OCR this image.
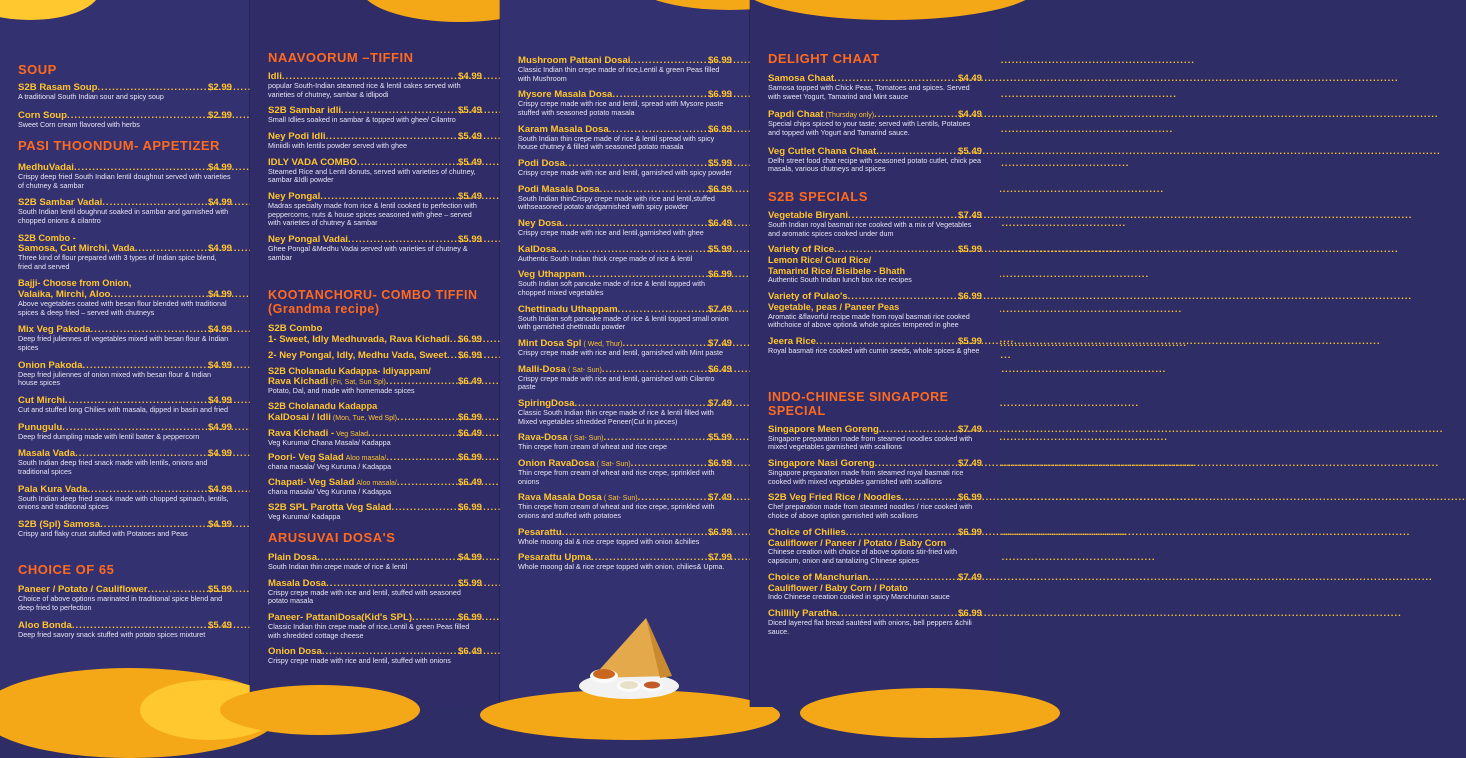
SOUP

S2B Rasam Soup .....	$2.99
A traditional South Indian sour and spicy soup
Corn Soup .....	$2.99
Sweet Corn cream flavored with herbs

PASI THOONDUM- APPETIZER

MedhuVadai .....	$4.99
Crispy deep fried South Indian lentil doughnut served with varieties of chutney & sambar
S2B Sambar Vadai .....	$4.99
South Indian lentil doughnut soaked in sambar and garnished with chopped onions & cilantro
S2B Combo -
Samosa, Cut Mirchi, Vada .....	$4.99
Three kind of flour prepared with 3 types of Indian spice blend, fried and served
Bajji- Choose from Onion,
Valaika, Mirchi, Aloo .....	$4.99
Above vegetables coated with besan flour blended with traditional spices & deep fried – served with chutneys
Mix Veg Pakoda .....	$4.99
Deep fried juliennes of vegetables mixed with besan flour & Indian spices
Onion Pakoda .....	$4.99
Deep fried juliennes of onion mixed with besan flour & Indian house spices
Cut Mirchi .....	$4.99
Cut and stuffed long Chilies with masala, dipped in basin and fried
Punugulu .....	$4.99
Deep fried dumpling made with lentil batter & peppercorn
Masala Vada .....	$4.99
South Indian deep fried snack made with lentils, onions and traditional spices
Pala Kura Vada .....	$4.99
South Indian deep fried snack made with chopped spinach, lentils, onions and traditional spices
S2B (Spl) Samosa .....	$4.99
Crispy and flaky crust stuffed with Potatoes and Peas

CHOICE OF 65

Paneer / Potato / Cauliflower .....	$5.99
Choice of above options marinated in traditional spice blend and deep fried to perfection
Aloo Bonda .....	$5.49
Deep fried savory snack stuffed with potato spices mixturet

NAAVOORUM –TIFFIN

Idli .....	$4.99
popular South-Indian steamed rice & lentil cakes served with varieties of chutney, sambar & idlipodi
S2B Sambar idli .....	$5.49
Small Idlies soaked in sambar & topped with ghee/ Cilantro
Ney Podi Idli .....	$5.49
Miniidli with lentils powder served with ghee
IDLY VADA COMBO .....	$5.49
Steamed Rice and Lentil donuts, served with varieties of chutney, sambar &Idli powder
Ney Pongal .....	$5.49
Madras specialty made from rice & lentil cooked to perfection with peppercorns, nuts & house spices seasoned with ghee – served with varieties of chutney & sambar
Ney Pongal Vadai .....	$5.99
Ghee Pongal &Medhu Vadai served with varieties of chutney & sambar

KOOTANCHORU- COMBO TIFFIN (Grandma recipe)

S2B Combo
1- Sweet, Idly Medhuvada, Rava Kichadi ..... $6.99
2- Ney Pongal, Idly, Medhu Vada, Sweet ..... $6.99
S2B Cholanadu Kadappa- Idiyappam/
Rava Kichadi (Fri, Sat, Sun Spl) .....	$6.49
Potato, Dal, and made with homemade spices
S2B Cholanadu Kadappa
KalDosai / Idli (Mon, Tue, Wed Spl) .....	$6.99
Rava Kichadi - Veg Salad .....	$6.49
Veg Kuruma/ Chana Masala/ Kadappa
Poori- Veg Salad Aloo masala/ .....	$6.99
chana masala/ Veg Kuruma / Kadappa
Chapati- Veg Salad Aloo masala/ .....	$6.49
chana masala/ Veg Kuruma / Kadappa
S2B SPL Parotta Veg Salad .....	$6.99
Veg Kuruma/ Kadappa

ARUSUVAI DOSA'S

Plain Dosa .....	$4.99
South Indian thin crepe made of rice & lentil
Masala Dosa .....	$5.99
Crispy crepe made with rice and lentil, stuffed with seasoned potato masala
Paneer- PattaniDosa(Kid's SPL) .....	$6.99
Classic Indian thin crepe made of rice,Lentil & green Peas filled with shredded cottage cheese
Onion Dosa .....	$6.49
Crispy crepe made with rice and lentil, stuffed with onions
Mushroom Pattani Dosai .....	$6.99
Classic Indian thin crepe made of rice,Lentil & green Peas filled with Mushroom
Mysore Masala Dosa .....	$6.99
Crispy crepe made with rice and lentil, spread with Mysore paste stuffed with seasoned potato masala
Karam Masala Dosa .....	$6.99
South Indian thin crepe made of rice & lentil spread with spicy house chutney & filled with seasoned potato masala
Podi Dosa .....	$5.99
Crispy crepe made with rice and lentil, garnished with spicy powder
Podi Masala Dosa .....	$6.99
South Indian thinCrispy crepe made with rice and lentil,stuffed withseasoned potato andgarnished with spicy powder
Ney Dosa .....	$6.49
Crispy crepe made with rice and lentil,garnished with ghee
KalDosa .....	$5.99
Authentic South Indian thick crepe made of rice & lentil
Veg Uthappam .....	$6.99
South Indian soft pancake made of rice & lentil topped with chopped mixed vegetables
Chettinadu Uthappam .....	$7.49
South Indian soft pancake made of rice & lentil topped small onion with garnished chettinadu powder
Mint Dosa Spl ( Wed, Thur) .....	$7.49
Crispy crepe made with rice and lentil, garnished with Mint paste
Malli-Dosa ( Sat- Sun) .....	$6.49
Crispy crepe made with rice and lentil, garnished with Cilantro paste
SpiringDosa .....	$7.49
Classic South Indian thin crepe made of rice & lentil filled with Mixed vegetables shredded Peneer(Cut in pieces)
Rava-Dosa ( Sat- Sun) .....	$5.99
Thin crepe from cream of wheat and rice crepe
Onion RavaDosa ( Sat- Sun) .....	$6.99
Thin crepe from cream of wheat and rice crepe, sprinkled with onions
Rava Masala Dosa ( Sat- Sun) .....	$7.49
Thin crepe from cream of wheat and rice crepe, sprinkled with onions and stuffed with potatoes
Pesarattu .....	$6.99
Whole moong dal & rice crepe topped with onion &chilies
Pesarattu Upma .....	$7.99
Whole moong dal & rice crepe topped with onion, chilies& Upma.

DELIGHT CHAAT

Samosa Chaat .....	$4.49
Samosa topped with Chick Peas, Tomatoes and spices. Served with sweet Yogurt, Tamarind and Mint sauce
Papdi Chaat (Thursday only) .....	$4.49
Special chips spiced to your taste; served with Lentils, Potatoes and topped with Yogurt and Tamarind sauce.
Veg Cutlet Chana Chaat .....	$5.49
Delhi street food chat recipe with seasoned potato cutlet, chick pea masala, various chutneys and spices

S2B SPECIALS

Vegetable Biryani .....	$7.49
South Indian royal basmati rice cooked with a mix of Vegetables and aromatic spices cooked under dum
Variety of Rice .....	$5.99
Lemon Rice/ Curd Rice/
Tamarind Rice/ Bisibele - Bhath
Authentic South Indian lunch box rice recipes
Variety of Pulao's .....	$6.99
Vegetable, peas / Paneer Peas
Aromatic &flavorful recipe made from royal basmati rice cooked withchoice of above option& whole spices tempered in ghee
Jeera Rice .....	$5.99
Royal basmati rice cooked with cumin seeds, whole spices & ghee

INDO-CHINESE SINGAPORE SPECIAL

Singapore Meen Goreng .....	$7.49
Singapore preparation made from steamed noodles cooked with mixed vegetables garnished with scallions
Singapore Nasi Goreng .....	$7.49
Singapore preparation made from steamed royal basmati rice cooked with mixed vegetables garnished with scallions
S2B Veg Fried Rice / Noodles .....	$6.99
Chef preparation made from steamed noodles / rice cooked with choice of above option garnished with scallions
Choice of Chilies .....	$6.99
Cauliflower / Paneer / Potato / Baby Corn
Chinese creation with choice of above options stir-fried with capsicum, onion and tantalizing Chinese spices
Choice of Manchurian .....	$7.49
Cauliflower / Baby Corn / Potato
Indo Chinese creation cooked in spicy Manchurian sauce
Chillily Paratha .....	$6.99
Diced layered flat bread sautéed with onions, bell peppers &chili sauce.
